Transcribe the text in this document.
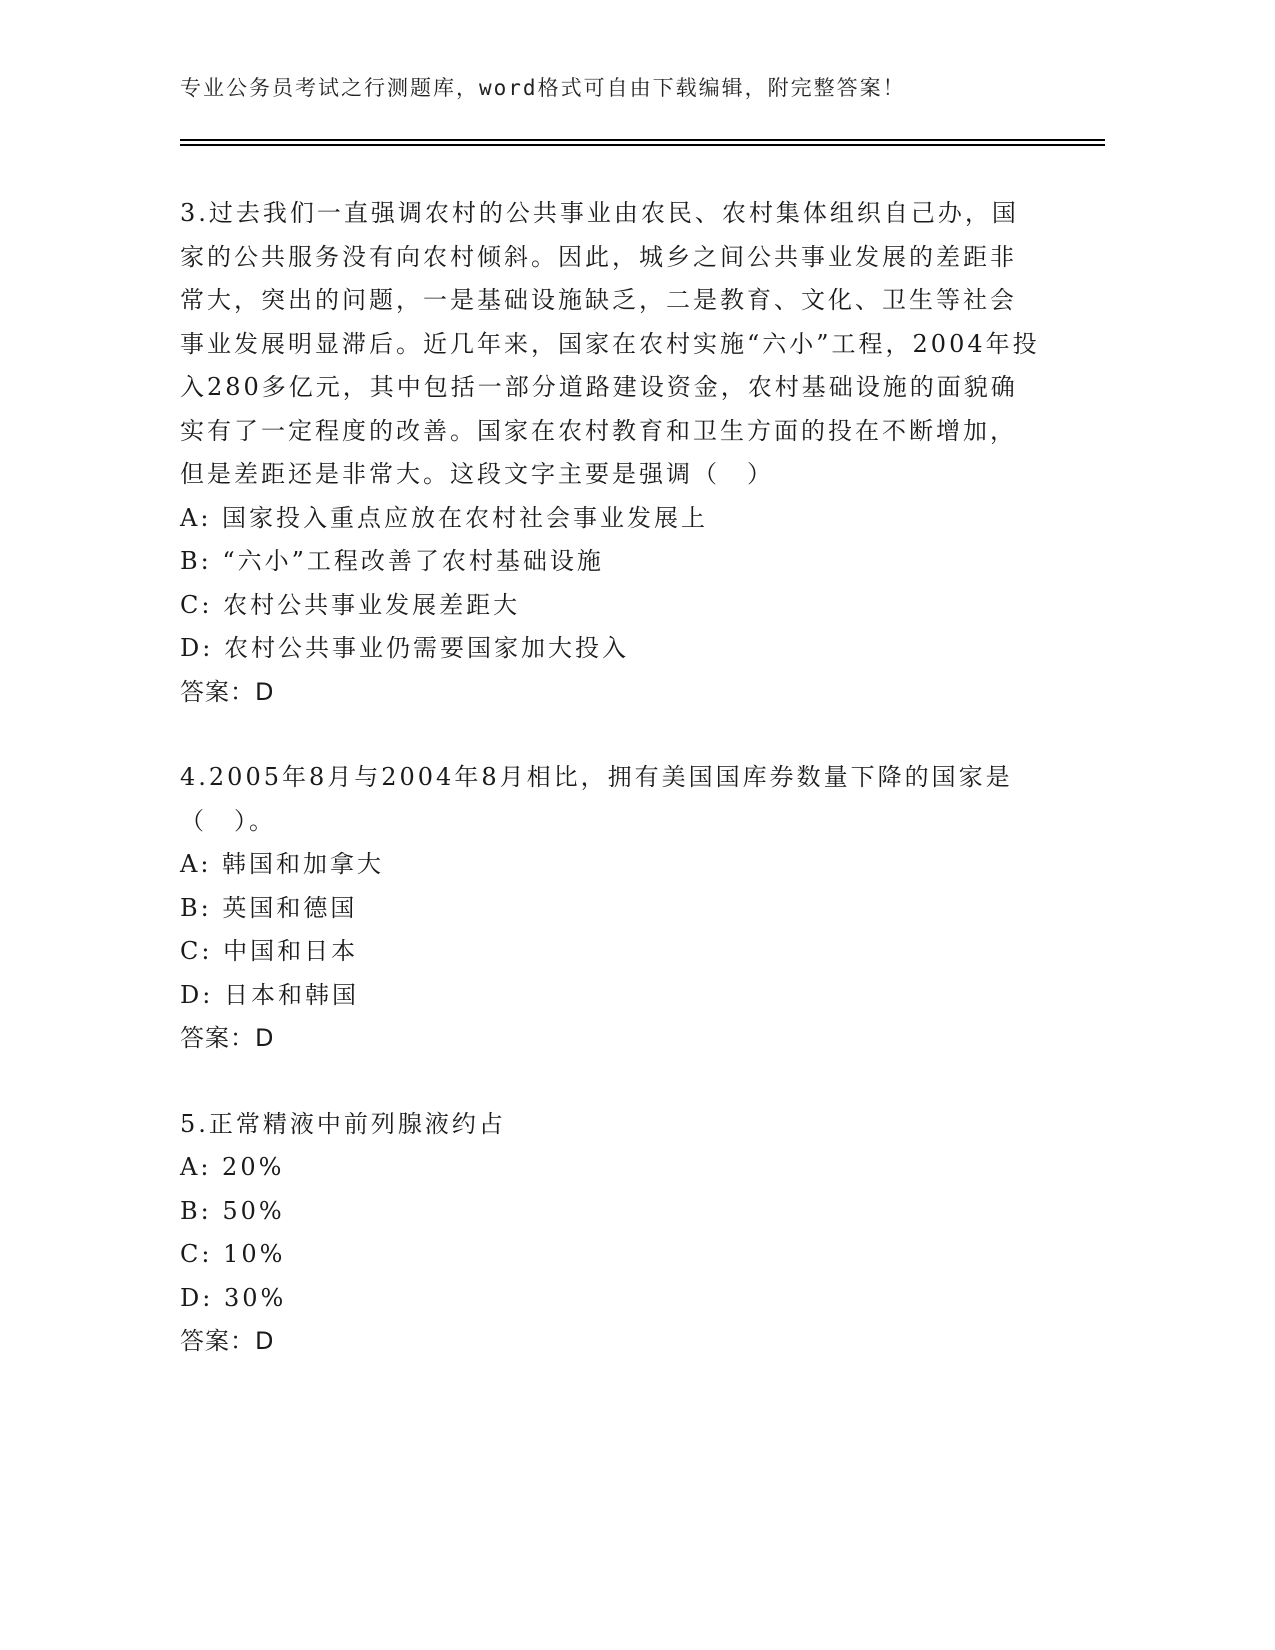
专业公务员考试之行测题库，word格式可自由下载编辑，附完整答案！

3.过去我们一直强调农村的公共事业由农民、农村集体组织自己办，国家的公共服务没有向农村倾斜。因此，城乡之间公共事业发展的差距非常大，突出的问题，一是基础设施缺乏，二是教育、文化、卫生等社会事业发展明显滞后。近几年来，国家在农村实施“六小”工程，2004年投入280多亿元，其中包括一部分道路建设资金，农村基础设施的面貌确实有了一定程度的改善。国家在农村教育和卫生方面的投在不断增加，但是差距还是非常大。这段文字主要是强调（　）

A: 国家投入重点应放在农村社会事业发展上

B: “六小”工程改善了农村基础设施

C: 农村公共事业发展差距大

D: 农村公共事业仍需要国家加大投入

答案：D

4.2005年8月与2004年8月相比，拥有美国国库券数量下降的国家是（　）。

A: 韩国和加拿大

B: 英国和德国

C: 中国和日本

D: 日本和韩国

答案：D

5.正常精液中前列腺液约占

A: 20%

B: 50%

C: 10%

D: 30%

答案：D
